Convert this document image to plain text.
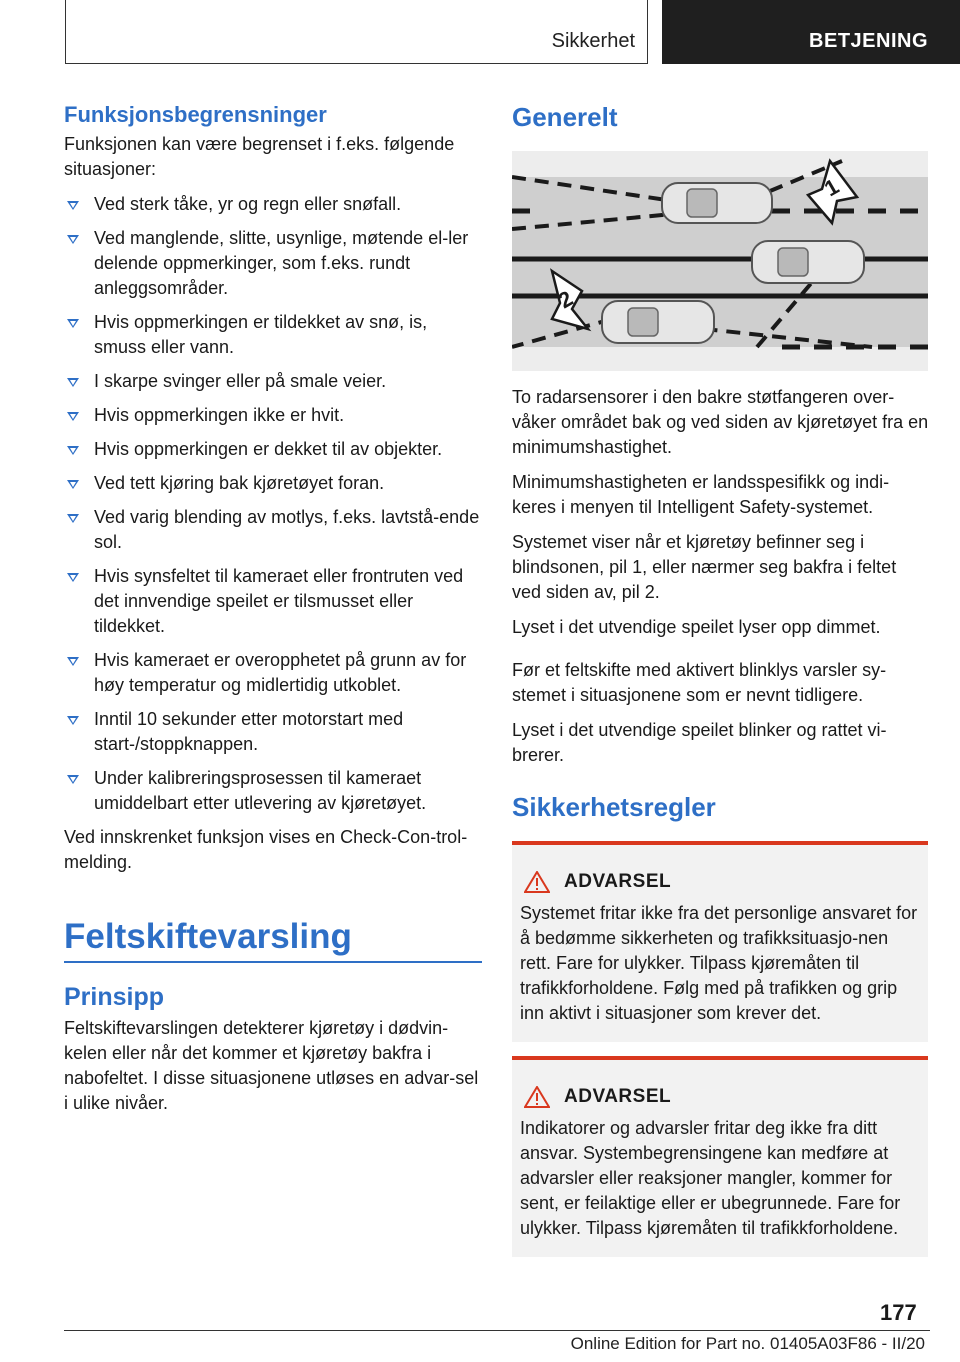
Sikkerhet	BETJENING
Funksjonsbegrensninger

Funksjonen kan være begrenset i f.eks. følgende situasjoner:

Ved sterk tåke, yr og regn eller snøfall.
Ved manglende, slitte, usynlige, møtende el-ler delende oppmerkinger, som f.eks. rundt anleggsområder.
Hvis oppmerkingen er tildekket av snø, is, smuss eller vann.
I skarpe svinger eller på smale veier.
Hvis oppmerkingen ikke er hvit.
Hvis oppmerkingen er dekket til av objekter.
Ved tett kjøring bak kjøretøyet foran.
Ved varig blending av motlys, f.eks. lavtstå-ende sol.
Hvis synsfeltet til kameraet eller frontruten ved det innvendige speilet er tilsmusset eller tildekket.
Hvis kameraet er overopphetet på grunn av for høy temperatur og midlertidig utkoblet.
Inntil 10 sekunder etter motorstart med start-/stoppknappen.
Under kalibreringsprosessen til kameraet umiddelbart etter utlevering av kjøretøyet.

Ved innskrenket funksjon vises en Check-Con-trol-melding.

Feltskiftevarsling
Prinsipp

Feltskiftevarslingen detekterer kjøretøy i dødvin-kelen eller når det kommer et kjøretøy bakfra i nabofeltet. I disse situasjonene utløses en advar-sel i ulike nivåer.

Generelt
1
2

To radarsensorer i den bakre støtfangeren over-våker området bak og ved siden av kjøretøyet fra en minimumshastighet.

Minimumshastigheten er landsspesifikk og indi-keres i menyen til Intelligent Safety-systemet.

Systemet viser når et kjøretøy befinner seg i blindsonen, pil 1, eller nærmer seg bakfra i feltet ved siden av, pil 2.

Lyset i det utvendige speilet lyser opp dimmet.

Før et feltskifte med aktivert blinklys varsler sy-stemet i situasjonene som er nevnt tidligere.

Lyset i det utvendige speilet blinker og rattet vi-brerer.

Sikkerhetsregler
ADVARSEL

Systemet fritar ikke fra det personlige ansvaret for å bedømme sikkerheten og trafikksituasjo-nen rett. Fare for ulykker. Tilpass kjøremåten til trafikkforholdene. Følg med på trafikken og grip inn aktivt i situasjoner som krever det.

ADVARSEL

Indikatorer og advarsler fritar deg ikke fra ditt ansvar. Systembegrensingene kan medføre at advarsler eller reaksjoner mangler, kommer for sent, er feilaktige eller er ubegrunnede. Fare for ulykker. Tilpass kjøremåten til trafikkforholdene.

177
Online Edition for Part no. 01405A03F86 - II/20
